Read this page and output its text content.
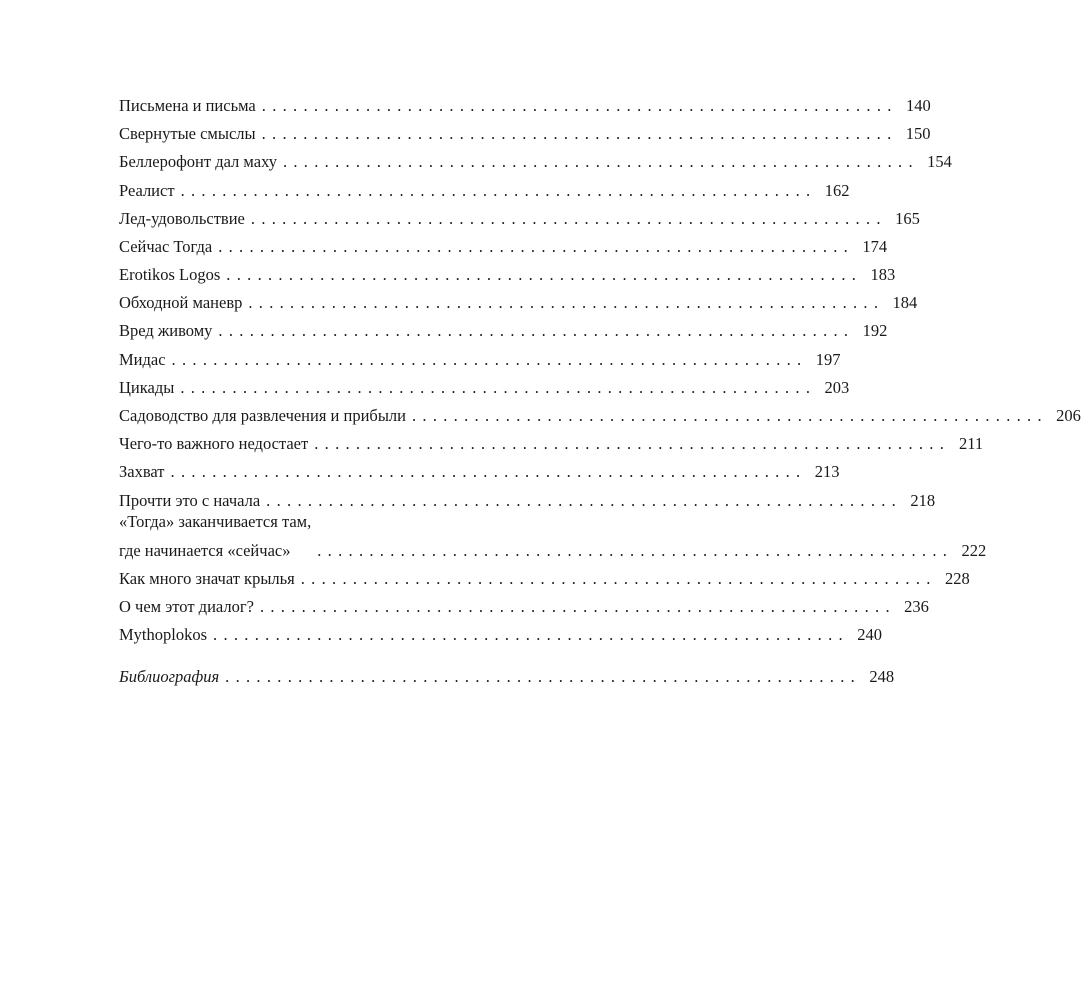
Письмена и письма ............................................................. 140
Свернутые смыслы ............................................................. 150
Беллерофонт дал маху ............................................................. 154
Реалист ............................................................. 162
Лед-удовольствие ............................................................. 165
Сейчас Тогда ............................................................. 174
Erotikos Logos ............................................................. 183
Обходной маневр ............................................................. 184
Вред живому ............................................................. 192
Мидас ............................................................. 197
Цикады ............................................................. 203
Садоводство для развлечения и прибыли ............................................................. 206
Чего-то важного недостает ............................................................. 211
Захват ............................................................. 213
Прочти это с начала ............................................................. 218
«Тогда» заканчивается там,
где начинается «сейчас»	............................................................. 222
Как много значат крылья ............................................................. 228
О чем этот диалог? ............................................................. 236
Mythoplokos ............................................................. 240
Библиография ............................................................. 248
